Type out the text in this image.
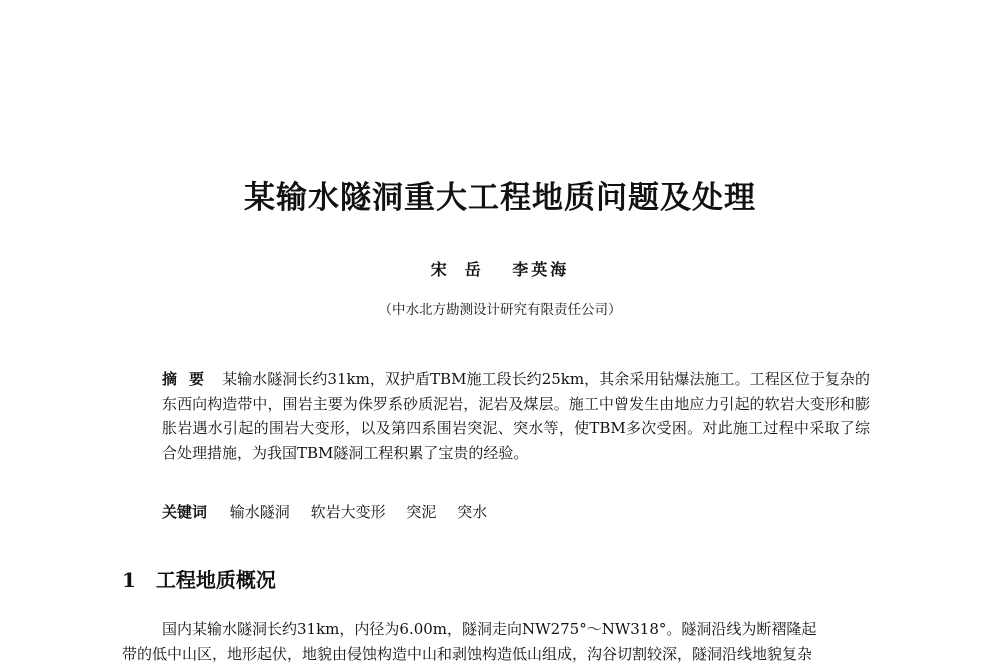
某输水隧洞重大工程地质问题及处理
宋岳 李英海
（中水北方勘测设计研究有限责任公司）
摘要 某输水隧洞长约31km，双护盾TBM施工段长约25km，其余采用钻爆法施工。工程区位于复杂的东西向构造带中，围岩主要为侏罗系砂质泥岩，泥岩及煤层。施工中曾发生由地应力引起的软岩大变形和膨胀岩遇水引起的围岩大变形，以及第四系围岩突泥、突水等，使TBM多次受困。对此施工过程中采取了综合处理措施，为我国TBM隧洞工程积累了宝贵的经验。
关键词 输水隧洞 软岩大变形 突泥 突水
1 工程地质概况
国内某输水隧洞长约31km，内径为6.00m，隧洞走向NW275°～NW318°。隧洞沿线为断褶隆起
带的低中山区，地形起伏，地貌由侵蚀构造中山和剥蚀构造低山组成，沟谷切割较深，隧洞沿线地貌复杂
